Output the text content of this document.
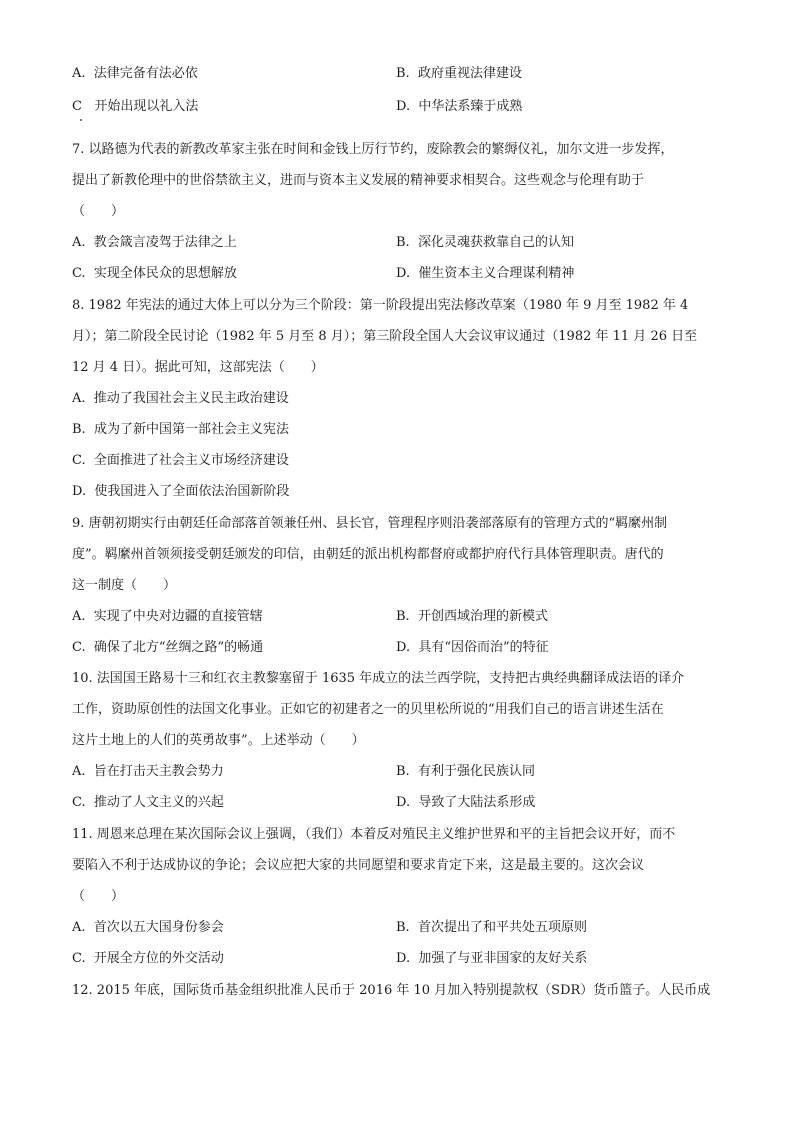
A. 法律完备有法必依	B. 政府重视法律建设
C 开始出现以礼入法	D. 中华法系臻于成熟
7. 以路德为代表的新教改革家主张在时间和金钱上厉行节约，废除教会的繁缛仪礼，加尔文进一步发挥，
提出了新教伦理中的世俗禁欲主义，进而与资本主义发展的精神要求相契合。这些观念与伦理有助于
（　　）
A. 教会箴言凌驾于法律之上	B. 深化灵魂获救靠自己的认知
C. 实现全体民众的思想解放	D. 催生资本主义合理谋利精神
8. 1982 年宪法的通过大体上可以分为三个阶段：第一阶段提出宪法修改草案（1980 年 9 月至 1982 年 4
月）；第二阶段全民讨论（1982 年 5 月至 8 月）；第三阶段全国人大会议审议通过（1982 年 11 月 26 日至
12 月 4 日）。据此可知，这部宪法（　　）
A. 推动了我国社会主义民主政治建设
B. 成为了新中国第一部社会主义宪法
C. 全面推进了社会主义市场经济建设
D. 使我国进入了全面依法治国新阶段
9. 唐朝初期实行由朝廷任命部落首领兼任州、县长官，管理程序则沿袭部落原有的管理方式的“羁縻州制
度”。羁縻州首领须接受朝廷颁发的印信，由朝廷的派出机构都督府或都护府代行具体管理职责。唐代的
这一制度（　　）
A. 实现了中央对边疆的直接管辖	B. 开创西域治理的新模式
C. 确保了北方“丝绸之路”的畅通	D. 具有“因俗而治”的特征
10. 法国国王路易十三和红衣主教黎塞留于 1635 年成立的法兰西学院，支持把古典经典翻译成法语的译介
工作，资助原创性的法国文化事业。正如它的初建者之一的贝里松所说的“用我们自己的语言讲述生活在
这片土地上的人们的英勇故事”。上述举动（　　）
A. 旨在打击天主教会势力	B. 有利于强化民族认同
C. 推动了人文主义的兴起	D. 导致了大陆法系形成
11. 周恩来总理在某次国际会议上强调，（我们）本着反对殖民主义维护世界和平的主旨把会议开好，而不
要陷入不利于达成协议的争论；会议应把大家的共同愿望和要求肯定下来，这是最主要的。这次会议
（　　）
A. 首次以五大国身份参会	B. 首次提出了和平共处五项原则
C. 开展全方位的外交活动	D. 加强了与亚非国家的友好关系
12. 2015 年底，国际货币基金组织批准人民币于 2016 年 10 月加入特别提款权（SDR）货币篮子。人民币成
